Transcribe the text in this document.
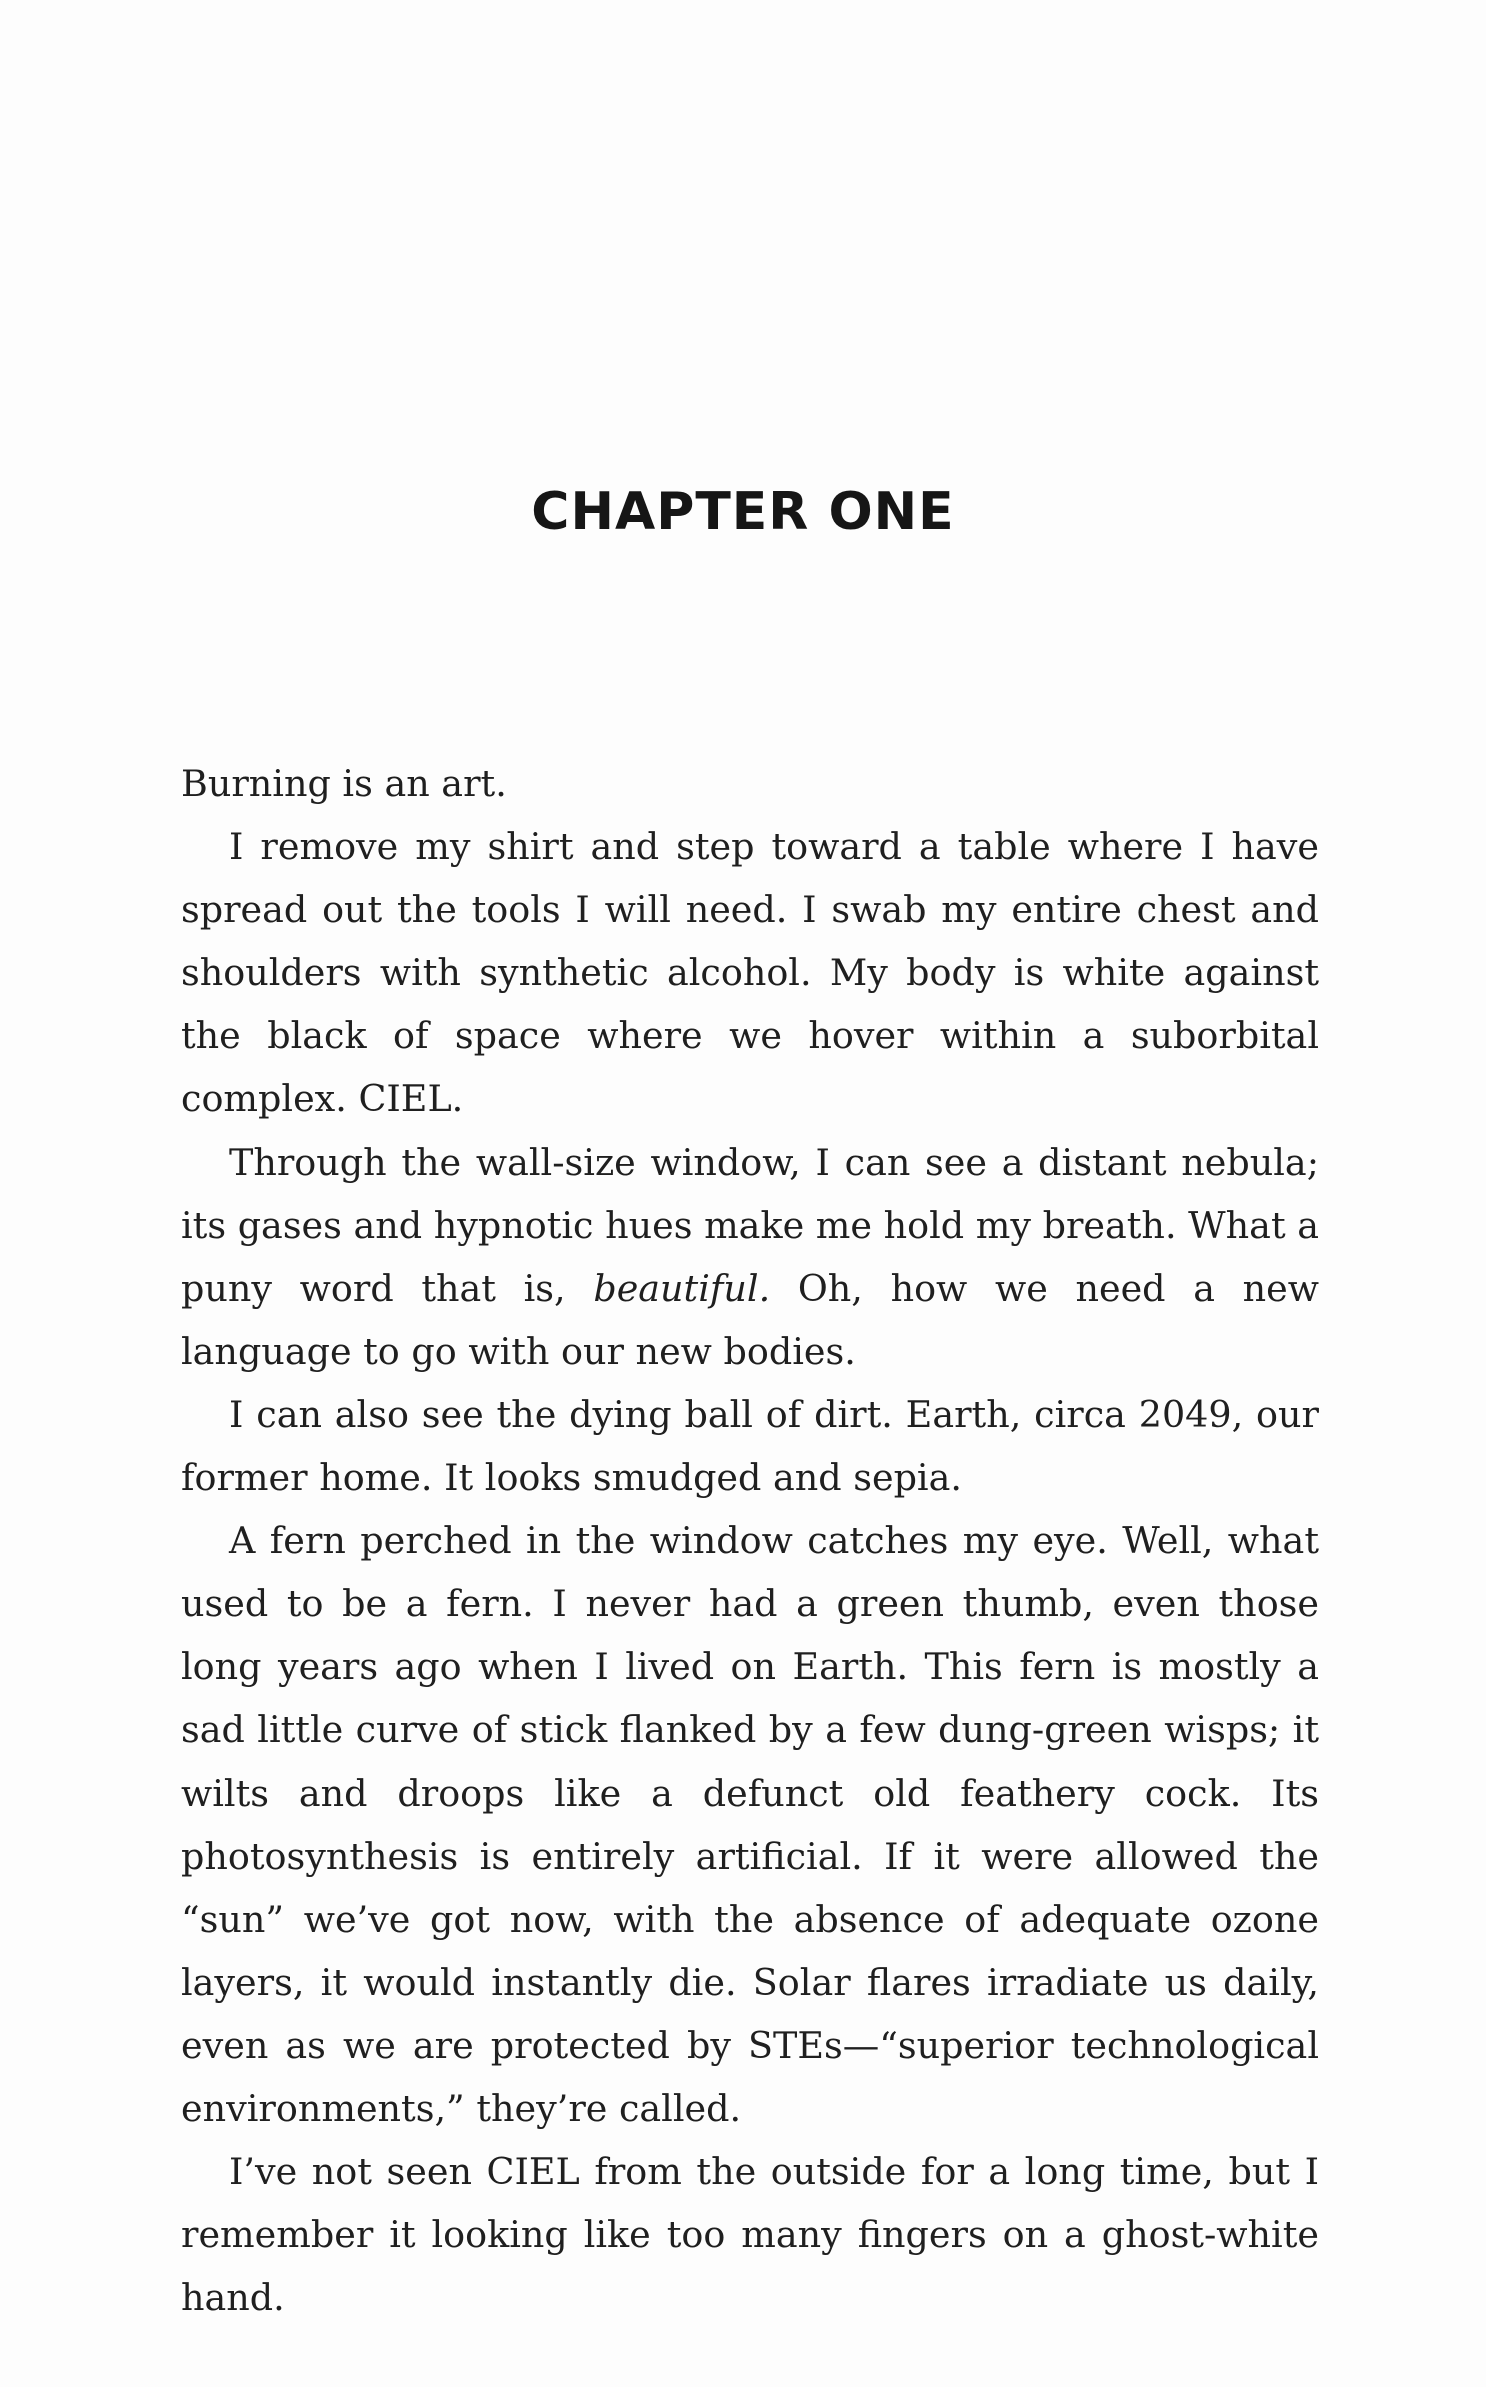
CHAPTER ONE

Burning is an art.

I remove my shirt and step toward a table where I have spread out the tools I will need. I swab my entire chest and shoulders with synthetic alcohol. My body is white against the black of space where we hover within a suborbital complex. CIEL.

Through the wall-size window, I can see a distant nebula; its gases and hypnotic hues make me hold my breath. What a puny word that is, beautiful. Oh, how we need a new language to go with our new bodies.

I can also see the dying ball of dirt. Earth, circa 2049, our former home. It looks smudged and sepia.

A fern perched in the window catches my eye. Well, what used to be a fern. I never had a green thumb, even those long years ago when I lived on Earth. This fern is mostly a sad little curve of stick flanked by a few dung-green wisps; it wilts and droops like a defunct old feathery cock. Its photosynthesis is entirely artificial. If it were allowed the “sun” we’ve got now, with the absence of adequate ozone layers, it would instantly die. Solar flares irradiate us daily, even as we are protected by STEs—“superior technological environments,” they’re called.

I’ve not seen CIEL from the outside for a long time, but I remember it looking like too many fingers on a ghost-white hand.
